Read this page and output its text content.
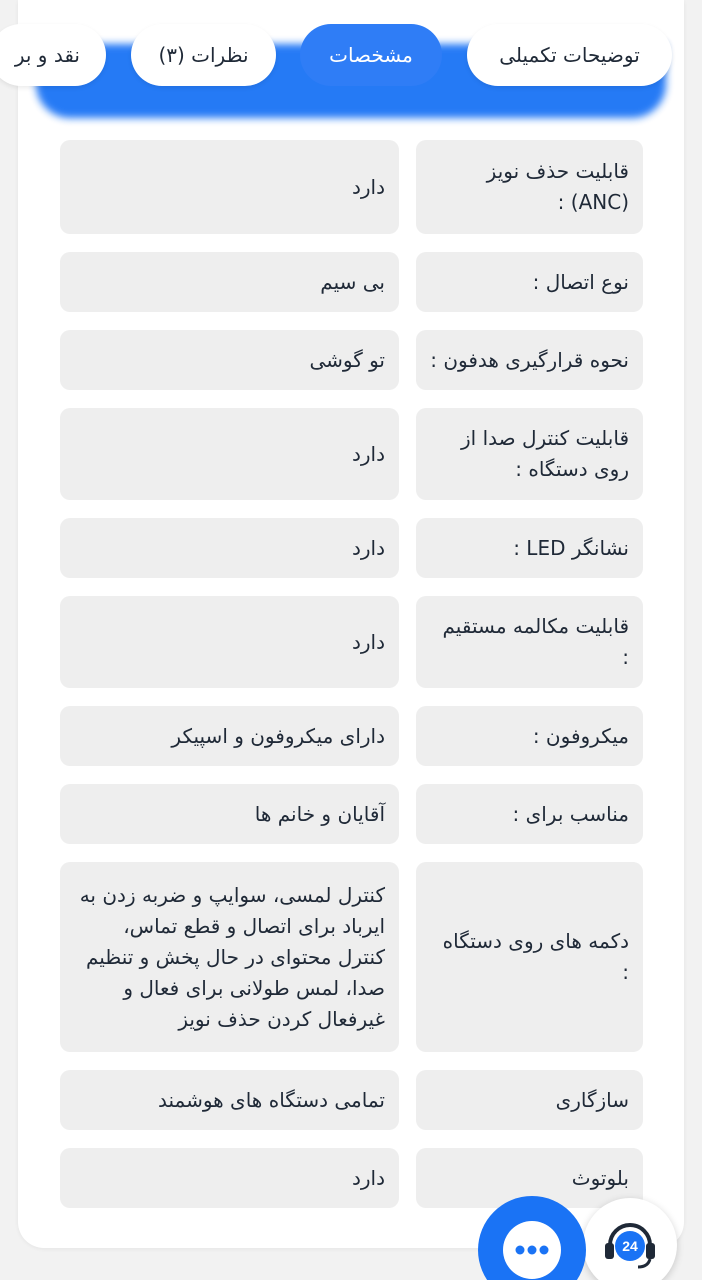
توضیحات تکمیلی
مشخصات
نظرات (۳)
نقد و بر
قابلیت حذف نویز (ANC) :
دارد
نوع اتصال :
بی سیم
نحوه قرارگیری هدفون :
تو گوشی
قابلیت کنترل صدا از روی دستگاه :
دارد
نشانگر LED :
دارد
قابلیت مکالمه مستقیم :
دارد
میکروفون :
دارای میکروفون و اسپیکر
مناسب برای :
آقایان و خانم ها
دکمه های روی دستگاه :
کنترل لمسی، سوایپ و ضربه زدن به ایرباد برای اتصال و قطع تماس، کنترل محتوای در حال پخش و تنظیم صدا، لمس طولانی برای فعال و غیرفعال کردن حذف نویز
سازگاری
تمامی دستگاه های هوشمند
بلوتوث
دارد
24
